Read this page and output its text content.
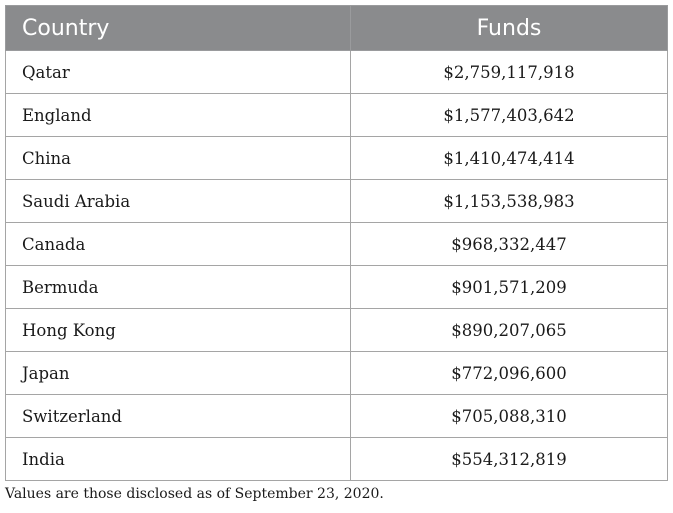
Country	Funds
Qatar	$2,759,117,918
England	$1,577,403,642
China	$1,410,474,414
Saudi Arabia	$1,153,538,983
Canada	$968,332,447
Bermuda	$901,571,209
Hong Kong	$890,207,065
Japan	$772,096,600
Switzerland	$705,088,310
India	$554,312,819
Values are those disclosed as of September 23, 2020.
